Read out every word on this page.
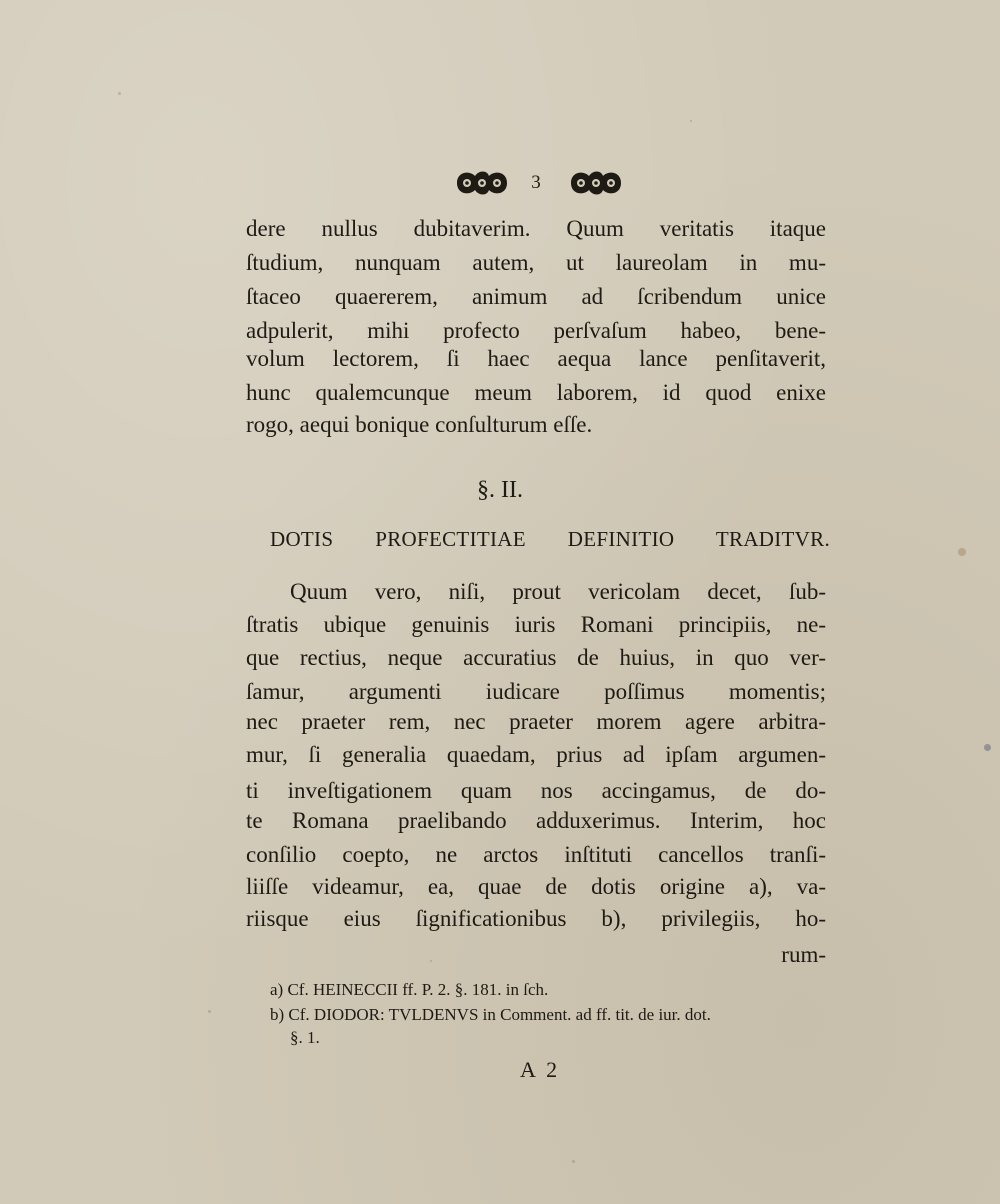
3
dere nullus dubitaverim. Quum veritatis itaque
ſtudium, nunquam autem, ut laureolam in mu-
ſtaceo quaererem, animum ad ſcribendum unice
adpulerit, mihi profecto perſvaſum habeo, bene-
volum lectorem, ſi haec aequa lance penſitaverit,
hunc qualemcunque meum laborem, id quod enixe
rogo, aequi bonique conſulturum eſſe.
§. II.
DOTIS PROFECTITIAE DEFINITIO TRADITVR.
Quum vero, niſi, prout vericolam decet, ſub-
ſtratis ubique genuinis iuris Romani principiis, ne-
que rectius, neque accuratius de huius, in quo ver-
ſamur, argumenti iudicare poſſimus momentis;
nec praeter rem, nec praeter morem agere arbitra-
mur, ſi generalia quaedam, prius ad ipſam argumen-
ti inveſtigationem quam nos accingamus, de do-
te Romana praelibando adduxerimus. Interim, hoc
conſilio coepto, ne arctos inſtituti cancellos tranſi-
liiſſe videamur, ea, quae de dotis origine a), va-
riisque eius ſignificationibus b), privilegiis, ho-
rum-
a) Cf. HEINECCII ff. P. 2. §. 181. in ſch.
b) Cf. DIODOR: TVLDENVS in Comment. ad ff. tit. de iur. dot.
§. 1.
A 2
